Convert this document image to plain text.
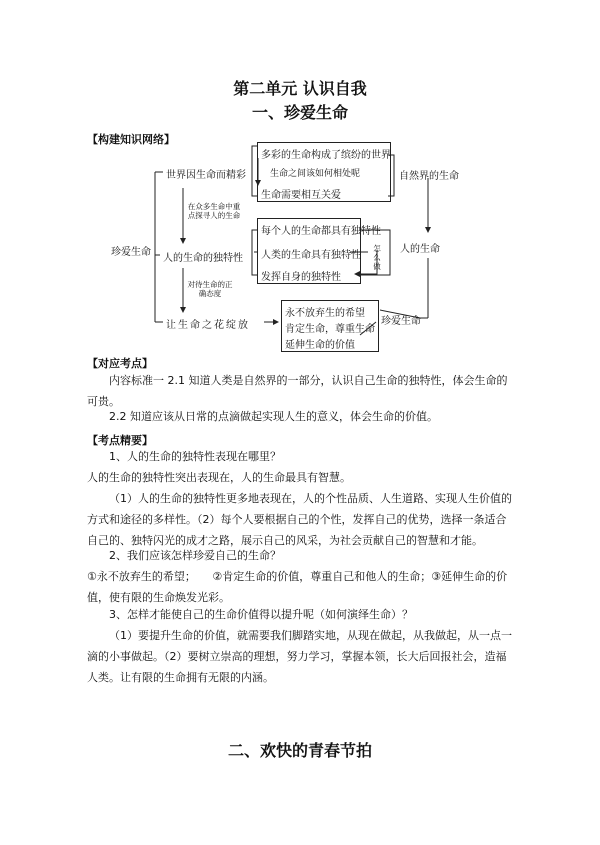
第二单元 认识自我
一、珍爱生命
【构建知识网络】
珍爱生命
世界因生命而精彩
多彩的生命构成了缤纷的世界
生命之间该如何相处呢
生命需要相互关爱
自然界的生命
在众多生命中重点探寻人的生命
人的生命的独特性
每个人的生命都具有独特性
人类的生命具有独特性
发挥自身的独特性
怎么做
人的生命
对待生命的正确态度
让生命之花绽放
永不放弃生的希望
肯定生命，尊重生命
延伸生命的价值
珍爱生命
【对应考点】
内容标准一 2.1 知道人类是自然界的一部分，认识自己生命的独特性，体会生命的可贵。
2.2 知道应该从日常的点滴做起实现人生的意义，体会生命的价值。
【考点精要】
1、人的生命的独特性表现在哪里？
人的生命的独特性突出表现在，人的生命最具有智慧。
（1）人的生命的独特性更多地表现在，人的个性品质、人生道路、实现人生价值的方式和途径的多样性。（2）每个人要根据自己的个性，发挥自己的优势，选择一条适合自己的、独特闪光的成才之路，展示自己的风采，为社会贡献自己的智慧和才能。
2、我们应该怎样珍爱自己的生命？
①永不放弃生的希望；　　②肯定生命的价值，尊重自己和他人的生命；③延伸生命的价值，使有限的生命焕发光彩。
3、怎样才能使自己的生命价值得以提升呢（如何演绎生命）？
（1）要提升生命的价值，就需要我们脚踏实地，从现在做起，从我做起，从一点一滴的小事做起。（2）要树立崇高的理想，努力学习，掌握本领，长大后回报社会，造福人类。让有限的生命拥有无限的内涵。
二、欢快的青春节拍
